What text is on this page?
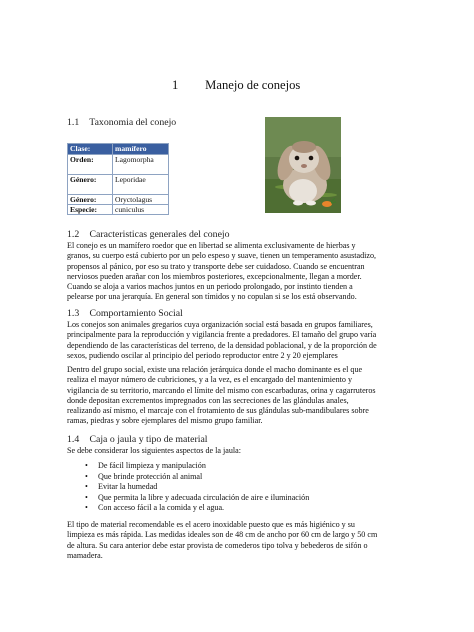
1 Manejo de conejos
1.1 Taxonomia del conejo
Clase:	mamífero
Orden:	Lagomorpha
Género:	Leporidae
Género:	Oryctolagus
Especie:	cuniculus
1.2 Caracteristicas generales del conejo
El conejo es un mamífero roedor que en libertad se alimenta exclusivamente de hierbas y
granos, su cuerpo está cubierto por un pelo espeso y suave, tienen un temperamento asustadizo,
propensos al pánico, por eso su trato y transporte debe ser cuidadoso. Cuando se encuentran
nerviosos pueden arañar con los miembros posteriores, excepcionalmente, llegan a morder.
Cuando se aloja a varios machos juntos en un periodo prolongado, por instinto tienden a
pelearse por una jerarquía. En general son tímidos y no copulan si se los está observando.
1.3 Comportamiento Social
Los conejos son animales gregarios cuya organización social está basada en grupos familiares,
principalmente para la reproducción y vigilancia frente a predadores. El tamaño del grupo varía
dependiendo de las características del terreno, de la densidad poblacional, y de la proporción de
sexos, pudiendo oscilar al principio del periodo reproductor entre 2 y 20 ejemplares
Dentro del grupo social, existe una relación jerárquica donde el macho dominante es el que
realiza el mayor número de cubriciones, y a la vez, es el encargado del mantenimiento y
vigilancia de su territorio, marcando el límite del mismo con escarbaduras, orina y cagarruteros
donde depositan excrementos impregnados con las secreciones de las glándulas anales,
realizando así mismo, el marcaje con el frotamiento de sus glándulas sub-mandibulares sobre
ramas, piedras y sobre ejemplares del mismo grupo familiar.
1.4 Caja o jaula y tipo de material
Se debe considerar los siguientes aspectos de la jaula:
• De fácil limpieza y manipulación
• Que brinde protección al animal
• Evitar la humedad
• Que permita la libre y adecuada circulación de aire e iluminación
• Con acceso fácil a la comida y el agua.
El tipo de material recomendable es el acero inoxidable puesto que es más higiénico y su
limpieza es más rápida. Las medidas ideales son de 48 cm de ancho por 60 cm de largo y 50 cm
de altura. Su cara anterior debe estar provista de comederos tipo tolva y bebederos de sifón o
mamadera.
